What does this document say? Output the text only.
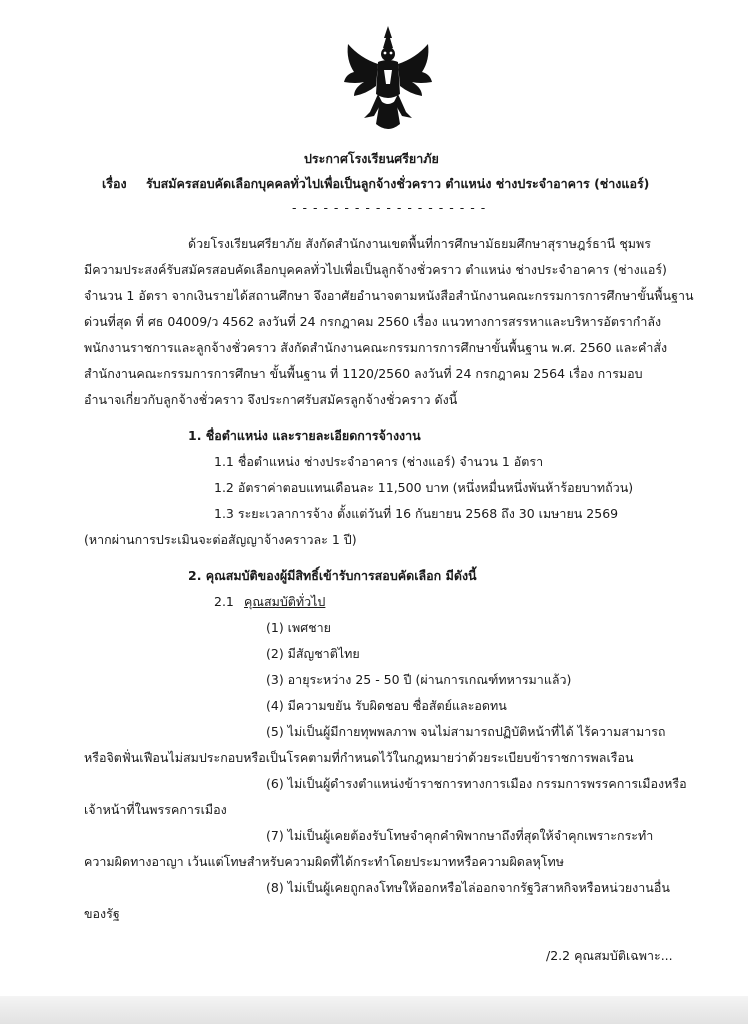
ประกาศโรงเรียนศรียาภัย
เรื่อง รับสมัครสอบคัดเลือกบุคคลทั่วไปเพื่อเป็นลูกจ้างชั่วคราว ตำแหน่ง ช่างประจำอาคาร (ช่างแอร์)
- - - - - - - - - - - - - - - - - - -
ด้วยโรงเรียนศรียาภัย สังกัดสำนักงานเขตพื้นที่การศึกษามัธยมศึกษาสุราษฎร์ธานี ชุมพร
มีความประสงค์รับสมัครสอบคัดเลือกบุคคลทั่วไปเพื่อเป็นลูกจ้างชั่วคราว ตำแหน่ง ช่างประจำอาคาร (ช่างแอร์)
จำนวน 1 อัตรา จากเงินรายได้สถานศึกษา จึงอาศัยอำนาจตามหนังสือสำนักงานคณะกรรมการการศึกษาขั้นพื้นฐาน
ด่วนที่สุด ที่ ศธ 04009/ว 4562 ลงวันที่ 24 กรกฎาคม 2560 เรื่อง แนวทางการสรรหาและบริหารอัตรากำลัง
พนักงานราชการและลูกจ้างชั่วคราว สังกัดสำนักงานคณะกรรมการการศึกษาขั้นพื้นฐาน พ.ศ. 2560 และคำสั่ง
สำนักงานคณะกรรมการการศึกษา ขั้นพื้นฐาน ที่ 1120/2560 ลงวันที่ 24 กรกฎาคม 2564 เรื่อง การมอบ
อำนาจเกี่ยวกับลูกจ้างชั่วคราว จึงประกาศรับสมัครลูกจ้างชั่วคราว ดังนี้
1. ชื่อตำแหน่ง และรายละเอียดการจ้างงาน
1.1 ชื่อตำแหน่ง ช่างประจำอาคาร (ช่างแอร์) จำนวน 1 อัตรา
1.2 อัตราค่าตอบแทนเดือนละ 11,500 บาท (หนึ่งหมื่นหนึ่งพันห้าร้อยบาทถ้วน)
1.3 ระยะเวลาการจ้าง ตั้งแต่วันที่ 16 กันยายน 2568 ถึง 30 เมษายน 2569
(หากผ่านการประเมินจะต่อสัญญาจ้างคราวละ 1 ปี)
2. คุณสมบัติของผู้มีสิทธิ์เข้ารับการสอบคัดเลือก มีดังนี้
2.1 คุณสมบัติทั่วไป
(1) เพศชาย
(2) มีสัญชาติไทย
(3) อายุระหว่าง 25 - 50 ปี (ผ่านการเกณฑ์ทหารมาแล้ว)
(4) มีความขยัน รับผิดชอบ ซื่อสัตย์และอดทน
(5) ไม่เป็นผู้มีกายทุพพลภาพ จนไม่สามารถปฏิบัติหน้าที่ได้ ไร้ความสามารถ
หรือจิตฟั่นเฟือนไม่สมประกอบหรือเป็นโรคตามที่กำหนดไว้ในกฎหมายว่าด้วยระเบียบข้าราชการพลเรือน
(6) ไม่เป็นผู้ดำรงตำแหน่งข้าราชการทางการเมือง กรรมการพรรคการเมืองหรือ
เจ้าหน้าที่ในพรรคการเมือง
(7) ไม่เป็นผู้เคยต้องรับโทษจำคุกคำพิพากษาถึงที่สุดให้จำคุกเพราะกระทำ
ความผิดทางอาญา เว้นแต่โทษสำหรับความผิดที่ได้กระทำโดยประมาทหรือความผิดลหุโทษ
(8) ไม่เป็นผู้เคยถูกลงโทษให้ออกหรือไล่ออกจากรัฐวิสาหกิจหรือหน่วยงานอื่น
ของรัฐ
/2.2 คุณสมบัติเฉพาะ...
